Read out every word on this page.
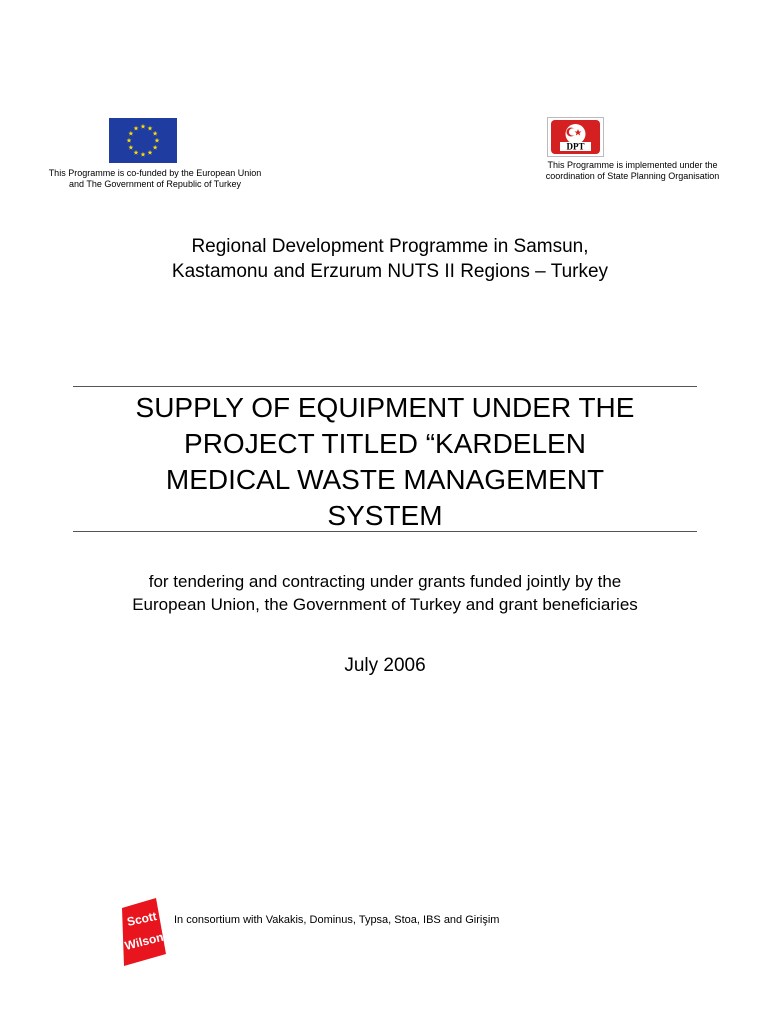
This Programme is co-funded by the European Union
and The Government of Republic of Turkey
DPT
This Programme is implemented under the
coordination of State Planning Organisation
Regional Development Programme in Samsun,
Kastamonu and Erzurum NUTS II Regions – Turkey
SUPPLY OF EQUIPMENT UNDER THE
PROJECT TITLED “KARDELEN
MEDICAL WASTE MANAGEMENT
SYSTEM
for tendering and contracting under grants funded jointly by the
European Union, the Government of Turkey and grant beneficiaries
July 2006
Scott
Wilson
In consortium with Vakakis, Dominus, Typsa, Stoa, IBS and Girişim
